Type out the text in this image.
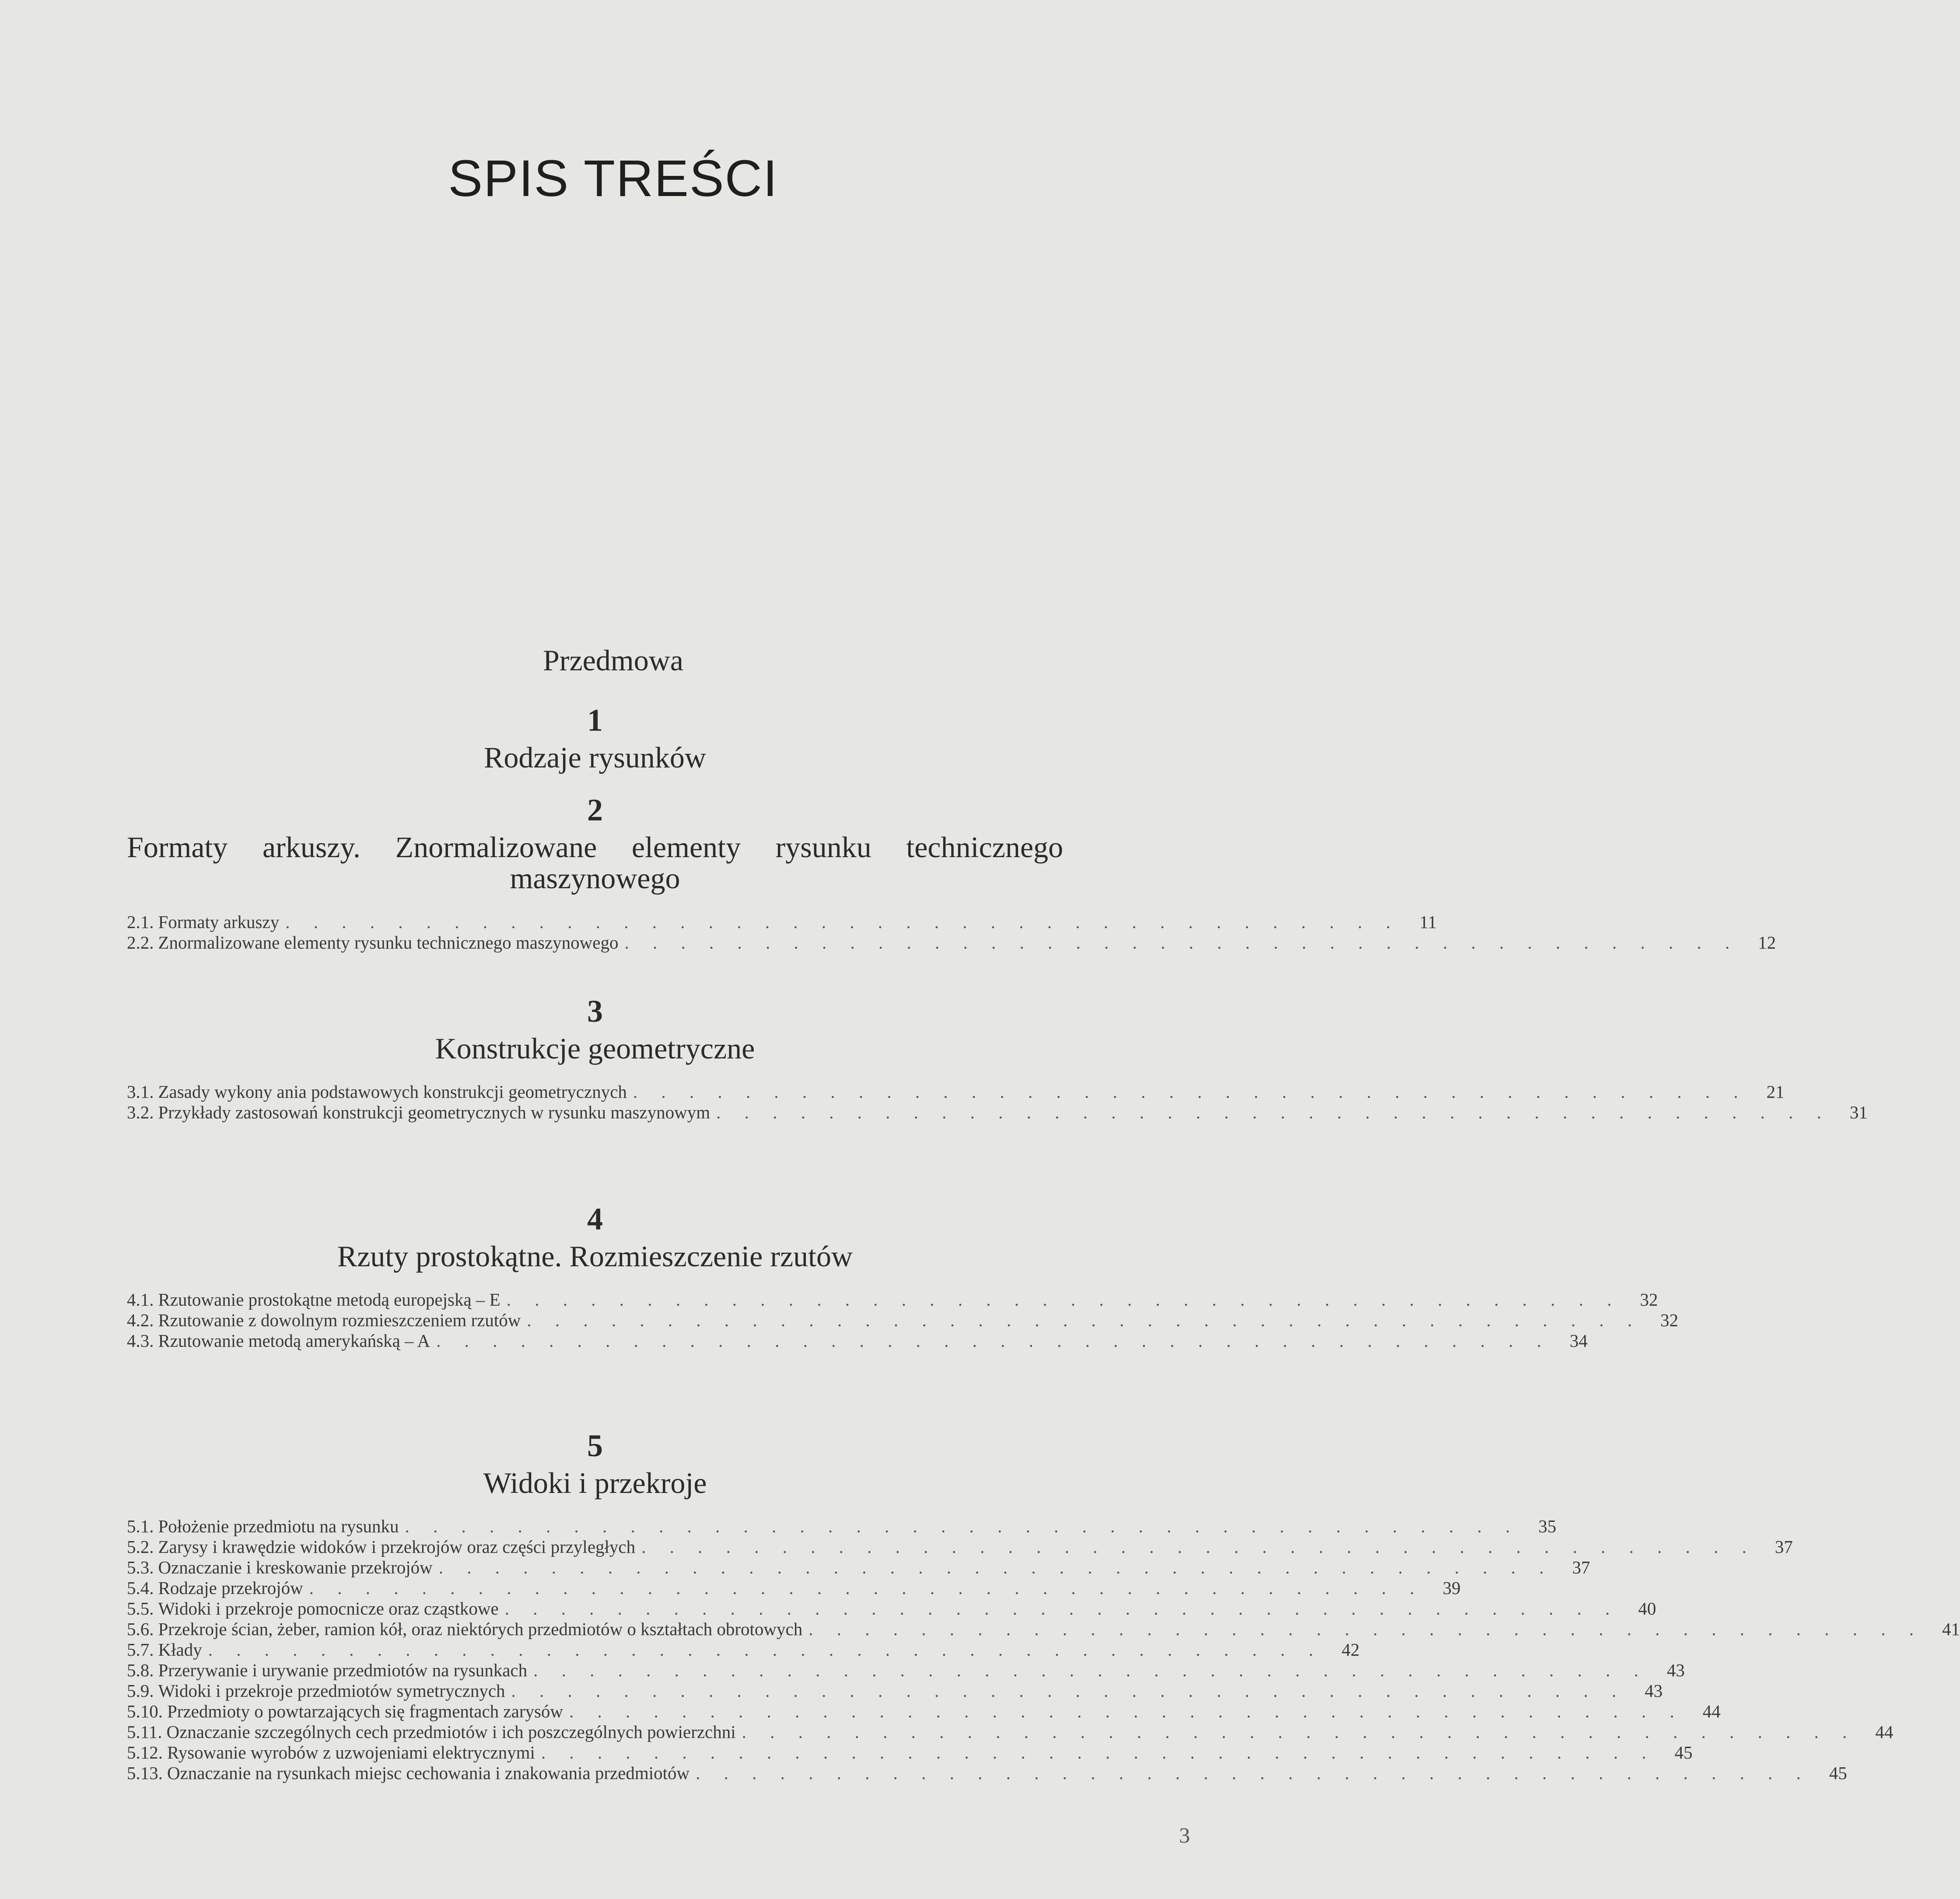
SPIS TREŚCI
Przedmowa
1
Rodzaje rysunków
2
Formaty arkuszy. Znormalizowane elementy rysunku technicznego maszynowego
2.1. Formaty arkuszy . . . . . . . . . . . . . . . . . . . . . . . . . . . . . . . . . . . . . . . .	11
2.2. Znormalizowane elementy rysunku technicznego maszynowego . . . . . . . . . . . . . . . . . . . . . . . . . . . . . . . . . . . . . . . .	12
3
Konstrukcje geometryczne
3.1. Zasady wykony ania podstawowych konstrukcji geometrycznych . . . . . . . . . . . . . . . . . . . . . . . . . . . . . . . . . . . . . . . .	21
3.2. Przykłady zastosowań konstrukcji geometrycznych w rysunku maszynowym . . . . . . . . . . . . . . . . . . . . . . . . . . . . . . . . . . . . . . . .	31
4
Rzuty prostokątne. Rozmieszczenie rzutów
4.1. Rzutowanie prostokątne metodą europejską – E . . . . . . . . . . . . . . . . . . . . . . . . . . . . . . . . . . . . . . . .	32
4.2. Rzutowanie z dowolnym rozmieszczeniem rzutów . . . . . . . . . . . . . . . . . . . . . . . . . . . . . . . . . . . . . . . .	32
4.3. Rzutowanie metodą amerykańską – A . . . . . . . . . . . . . . . . . . . . . . . . . . . . . . . . . . . . . . . .	34
5
Widoki i przekroje
5.1. Położenie przedmiotu na rysunku . . . . . . . . . . . . . . . . . . . . . . . . . . . . . . . . . . . . . . . .	35
5.2. Zarysy i krawędzie widoków i przekrojów oraz części przyległych . . . . . . . . . . . . . . . . . . . . . . . . . . . . . . . . . . . . . . . .	37
5.3. Oznaczanie i kreskowanie przekrojów . . . . . . . . . . . . . . . . . . . . . . . . . . . . . . . . . . . . . . . .	37
5.4. Rodzaje przekrojów . . . . . . . . . . . . . . . . . . . . . . . . . . . . . . . . . . . . . . . .	39
5.5. Widoki i przekroje pomocnicze oraz cząstkowe . . . . . . . . . . . . . . . . . . . . . . . . . . . . . . . . . . . . . . . .	40
5.6. Przekroje ścian, żeber, ramion kół, oraz niektórych przedmiotów o kształtach obrotowych . . . . . . . . . . . . . . . . . . . . . . . . . . . . . . . . . . . . . . . .	41
5.7. Kłady . . . . . . . . . . . . . . . . . . . . . . . . . . . . . . . . . . . . . . . .	42
5.8. Przerywanie i urywanie przedmiotów na rysunkach . . . . . . . . . . . . . . . . . . . . . . . . . . . . . . . . . . . . . . . .	43
5.9. Widoki i przekroje przedmiotów symetrycznych . . . . . . . . . . . . . . . . . . . . . . . . . . . . . . . . . . . . . . . .	43
5.10. Przedmioty o powtarzających się fragmentach zarysów . . . . . . . . . . . . . . . . . . . . . . . . . . . . . . . . . . . . . . . .	44
5.11. Oznaczanie szczególnych cech przedmiotów i ich poszczególnych powierzchni . . . . . . . . . . . . . . . . . . . . . . . . . . . . . . . . . . . . . . . .	44
5.12. Rysowanie wyrobów z uzwojeniami elektrycznymi . . . . . . . . . . . . . . . . . . . . . . . . . . . . . . . . . . . . . . . .	45
5.13. Oznaczanie na rysunkach miejsc cechowania i znakowania przedmiotów . . . . . . . . . . . . . . . . . . . . . . . . . . . . . . . . . . . . . . . .	45
3
